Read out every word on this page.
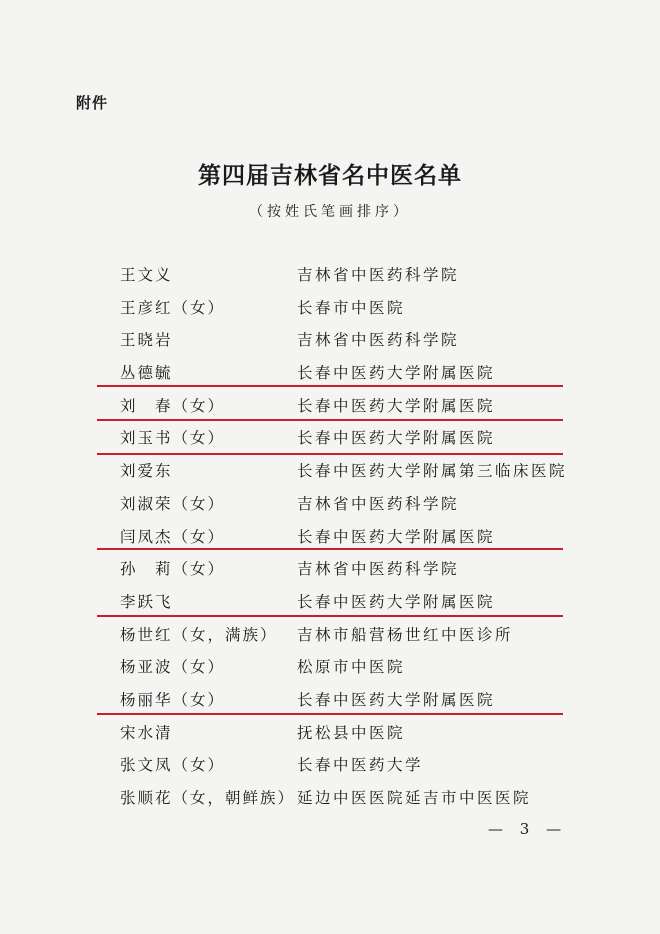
附件
第四届吉林省名中医名单
（按姓氏笔画排序）
王文义	吉林省中医药科学院
王彦红（女）	长春市中医院
王晓岩	吉林省中医药科学院
丛德毓	长春中医药大学附属医院
刘　春（女）	长春中医药大学附属医院
刘玉书（女）	长春中医药大学附属医院
刘爱东	长春中医药大学附属第三临床医院
刘淑荣（女）	吉林省中医药科学院
闫凤杰（女）	长春中医药大学附属医院
孙　莉（女）	吉林省中医药科学院
李跃飞	长春中医药大学附属医院
杨世红（女，满族） 吉林市船营杨世红中医诊所
杨亚波（女）	松原市中医院
杨丽华（女）	长春中医药大学附属医院
宋水清	抚松县中医院
张文凤（女）	长春中医药大学
张顺花（女，朝鲜族） 延边中医医院延吉市中医医院
— 3 —
